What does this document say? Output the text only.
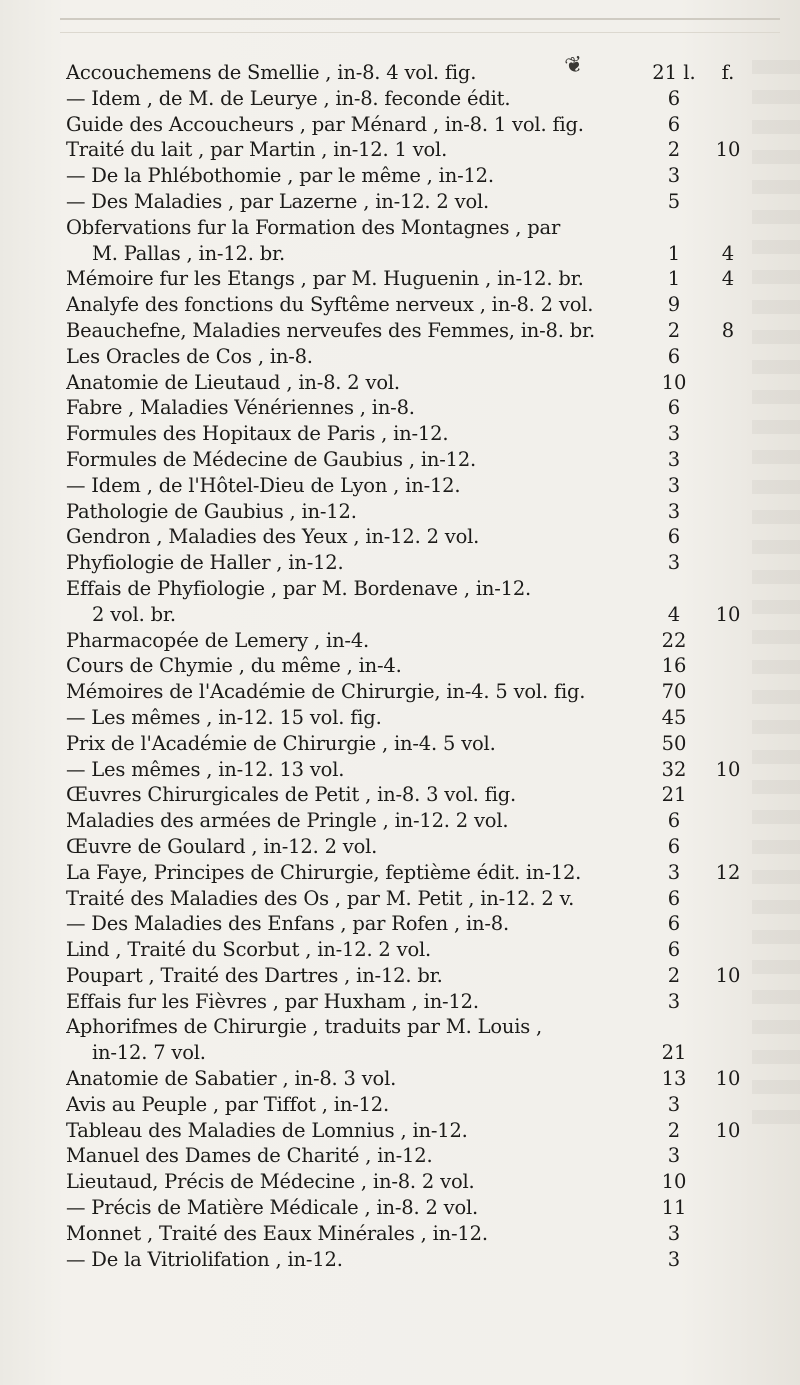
❦
Accouchemens de Smellie , in-8. 4 vol. fig.	21 l.	f.
— Idem , de M. de Leurye , in-8. feconde édit.	6
Guide des Accoucheurs , par Ménard , in-8. 1 vol. fig.	6
Traité du lait , par Martin , in-12. 1 vol.	2	10
— De la Phlébothomie , par le même , in-12.	3
— Des Maladies , par Lazerne , in-12. 2 vol.	5
Obfervations fur la Formation des Montagnes , par
M. Pallas , in-12. br.	1	4
Mémoire fur les Etangs , par M. Huguenin , in-12. br.	1	4
Analyfe des fonctions du Syftême nerveux , in-8. 2 vol.	9
Beauchefne, Maladies nerveufes des Femmes, in-8. br.	2	8
Les Oracles de Cos , in-8.	6
Anatomie de Lieutaud , in-8. 2 vol.	10
Fabre , Maladies Vénériennes , in-8.	6
Formules des Hopitaux de Paris , in-12.	3
Formules de Médecine de Gaubius , in-12.	3
— Idem , de l'Hôtel-Dieu de Lyon , in-12.	3
Pathologie de Gaubius , in-12.	3
Gendron , Maladies des Yeux , in-12. 2 vol.	6
Phyfiologie de Haller , in-12.	3
Effais de Phyfiologie , par M. Bordenave , in-12.
2 vol. br.	4	10
Pharmacopée de Lemery , in-4.	22
Cours de Chymie , du même , in-4.	16
Mémoires de l'Académie de Chirurgie, in-4. 5 vol. fig.	70
— Les mêmes , in-12. 15 vol. fig.	45
Prix de l'Académie de Chirurgie , in-4. 5 vol.	50
— Les mêmes , in-12. 13 vol.	32	10
Œuvres Chirurgicales de Petit , in-8. 3 vol. fig.	21
Maladies des armées de Pringle , in-12. 2 vol.	6
Œuvre de Goulard , in-12. 2 vol.	6
La Faye, Principes de Chirurgie, feptième édit. in-12.	3	12
Traité des Maladies des Os , par M. Petit , in-12. 2 v.	6
— Des Maladies des Enfans , par Rofen , in-8.	6
Lind , Traité du Scorbut , in-12. 2 vol.	6
Poupart , Traité des Dartres , in-12. br.	2	10
Effais fur les Fièvres , par Huxham , in-12.	3
Aphorifmes de Chirurgie , traduits par M. Louis ,
in-12. 7 vol.	21
Anatomie de Sabatier , in-8. 3 vol.	13	10
Avis au Peuple , par Tiffot , in-12.	3
Tableau des Maladies de Lomnius , in-12.	2	10
Manuel des Dames de Charité , in-12.	3
Lieutaud, Précis de Médecine , in-8. 2 vol.	10
— Précis de Matière Médicale , in-8. 2 vol.	11
Monnet , Traité des Eaux Minérales , in-12.	3
— De la Vitriolifation , in-12.	3
